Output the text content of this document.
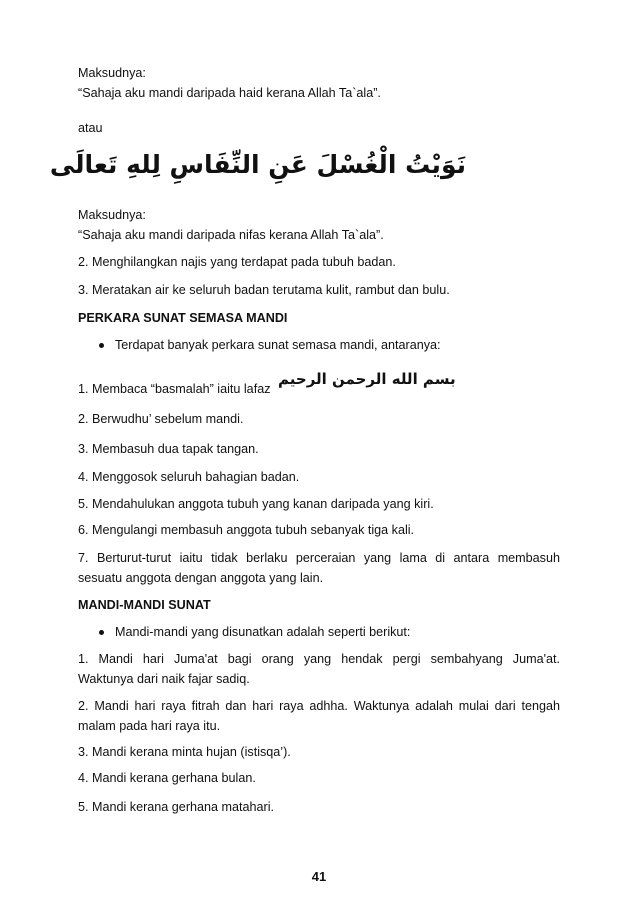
Maksudnya:
“Sahaja aku mandi daripada haid kerana Allah Ta`ala”.
atau
نَوَيْتُ الْغُسْلَ عَنِ النِّفَاسِ لِلهِ تَعالَى
Maksudnya:
“Sahaja aku mandi daripada nifas kerana Allah Ta`ala”.
2. Menghilangkan najis yang terdapat pada tubuh badan.
3. Meratakan air ke seluruh badan terutama kulit, rambut dan bulu.
PERKARA SUNAT SEMASA MANDI
Terdapat banyak perkara sunat semasa mandi, antaranya:
1. Membaca “basmalah” iaitu lafaz
بسم الله الرحمن الرحيم
2. Berwudhu’ sebelum mandi.
3. Membasuh dua tapak tangan.
4. Menggosok seluruh bahagian badan.
5. Mendahulukan anggota tubuh yang kanan daripada yang kiri.
6. Mengulangi membasuh anggota tubuh sebanyak tiga kali.
7. Berturut-turut iaitu tidak berlaku perceraian yang lama di antara membasuh
sesuatu anggota dengan anggota yang lain.
MANDI-MANDI SUNAT
Mandi-mandi yang disunatkan adalah seperti berikut:
1. Mandi hari Juma'at bagi orang yang hendak pergi sembahyang Juma'at.
Waktunya dari naik fajar sadiq.
2. Mandi hari raya fitrah dan hari raya adhha. Waktunya adalah mulai dari tengah
malam pada hari raya itu.
3. Mandi kerana minta hujan (istisqa’).
4. Mandi kerana gerhana bulan.
5. Mandi kerana gerhana matahari.
41
